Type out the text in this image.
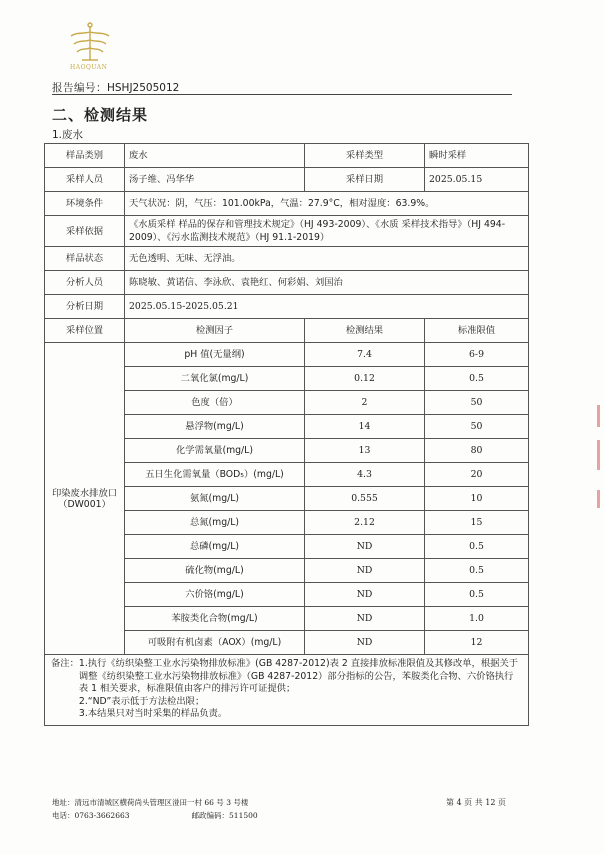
HAOQUAN
报告编号：HSHJ2505012
二、检测结果
1.废水
样品类别	废水	采样类型	瞬时采样
采样人员	汤子维、冯华华	采样日期	2025.05.15
环境条件	天气状况：阴，气压：101.00kPa，气温：27.9°C，相对湿度：63.9%。		
采样依据	《水质采样 样品的保存和管理技术规定》（HJ 493-2009）、《水质 采样技术指导》（HJ 494-2009）、《污水监测技术规范》（HJ 91.1-2019）		
样品状态	无色透明、无味、无浮油。		
分析人员	陈晓敏、黄诺信、李泳欣、袁艳红、何彩娟、刘国治		
分析日期	2025.05.15-2025.05.21		
采样位置	检测因子	检测结果	标准限值
印染废水排放口（DW001）	pH 值(无量纲)	7.4	6-9
	二氧化氯(mg/L)	0.12	0.5
	色度（倍）	2	50
	悬浮物(mg/L)	14	50
	化学需氧量(mg/L)	13	80
	五日生化需氧量（BOD₅）(mg/L)	4.3	20
	氨氮(mg/L)	0.555	10
	总氮(mg/L)	2.12	15
	总磷(mg/L)	ND	0.5
	硫化物(mg/L)	ND	0.5
	六价铬(mg/L)	ND	0.5
	苯胺类化合物(mg/L)	ND	1.0
	可吸附有机卤素（AOX）(mg/L)	ND	12

备注： 1.执行《纺织染整工业水污染物排放标准》(GB 4287-2012)表 2 直接排放标准限值及其修改单，根据关于调整《纺织染整工业水污染物排放标准》（GB 4287-2012）部分指标的公告，苯胺类化合物、六价铬执行表 1 相关要求，标准限值由客户的排污许可证提供；
2.“ND”表示低于方法检出限；
3.本结果只对当时采集的样品负责。			
地址：清远市清城区横荷尚头管理区湴田一村 66 号 3 号楼
电话：0763-3662663	邮政编码：511500
第 4 页 共 12 页
